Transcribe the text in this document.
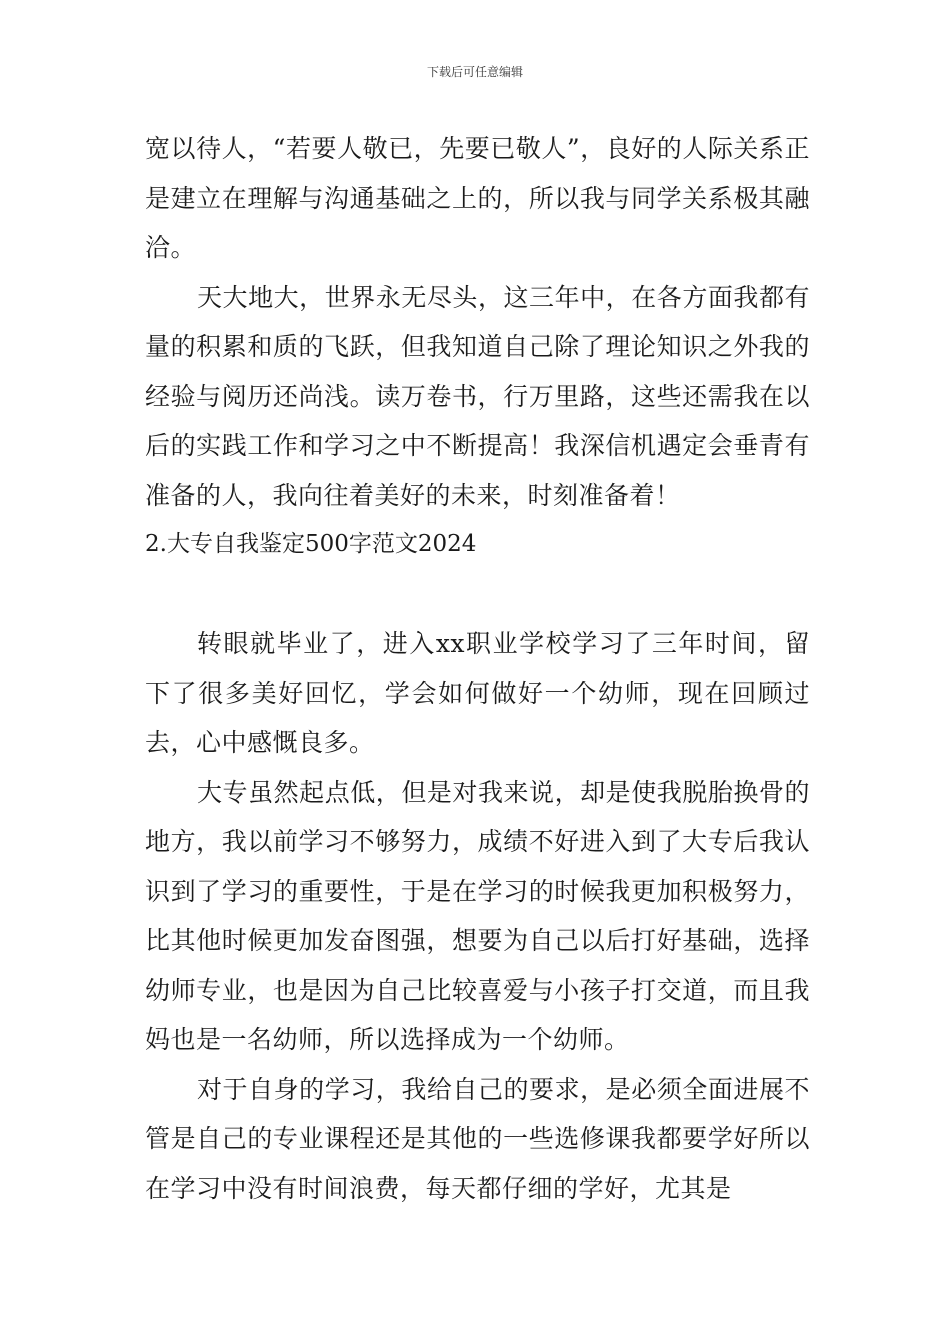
下载后可任意编辑

宽以待人，“若要人敬已，先要已敬人”，良好的人际关系正是建立在理解与沟通基础之上的，所以我与同学关系极其融洽。

天大地大，世界永无尽头，这三年中，在各方面我都有量的积累和质的飞跃，但我知道自己除了理论知识之外我的经验与阅历还尚浅。读万卷书，行万里路，这些还需我在以后的实践工作和学习之中不断提高！我深信机遇定会垂青有准备的人，我向往着美好的未来，时刻准备着！

2.大专自我鉴定500字范文2024

转眼就毕业了，进入xx职业学校学习了三年时间，留下了很多美好回忆，学会如何做好一个幼师，现在回顾过去，心中感慨良多。

大专虽然起点低，但是对我来说，却是使我脱胎换骨的地方，我以前学习不够努力，成绩不好进入到了大专后我认识到了学习的重要性，于是在学习的时候我更加积极努力，比其他时候更加发奋图强，想要为自己以后打好基础，选择幼师专业，也是因为自己比较喜爱与小孩子打交道，而且我妈也是一名幼师，所以选择成为一个幼师。

对于自身的学习，我给自己的要求，是必须全面进展不管是自己的专业课程还是其他的一些选修课我都要学好所以在学习中没有时间浪费，每天都仔细的学好，尤其是
